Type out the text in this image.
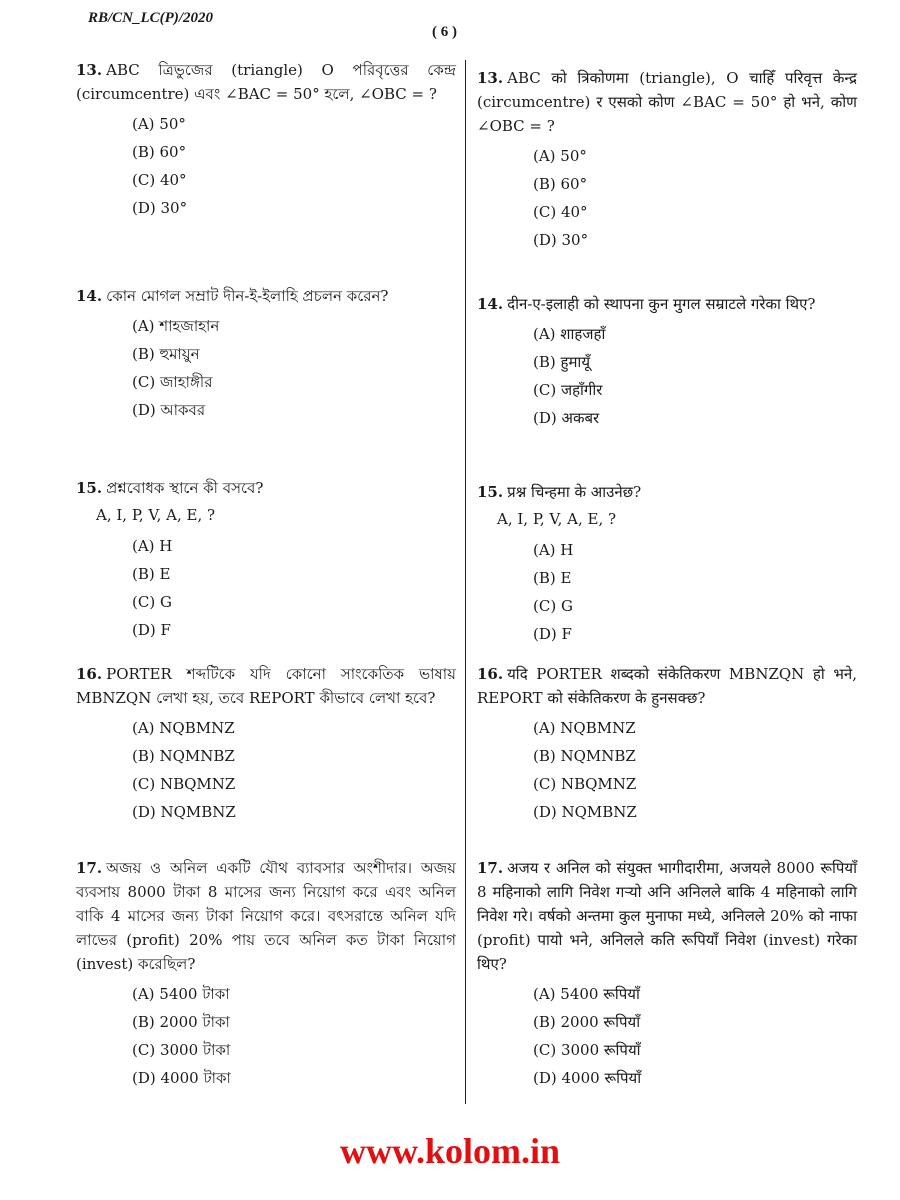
RB/CN_LC(P)/2020
( 6 )

13. ABC ত্রিভুজের (triangle) O পরিবৃত্তের কেন্দ্র (circumcentre) এবং ∠BAC = 50° হলে, ∠OBC = ?

(A) 50°
(B) 60°
(C) 40°
(D) 30°

14. কোন মোগল সম্রাট দীন-ই-ইলাহি প্রচলন করেন?

(A) শাহজাহান
(B) হুমায়ুন
(C) জাহাঙ্গীর
(D) আকবর

15. প্রশ্নবোধক স্থানে কী বসবে?

A, I, P, V, A, E, ?
(A) H
(B) E
(C) G
(D) F

16. PORTER শব্দটিকে যদি কোনো সাংকেতিক ভাষায় MBNZQN লেখা হয়, তবে REPORT কীভাবে লেখা হবে?

(A) NQBMNZ
(B) NQMNBZ
(C) NBQMNZ
(D) NQMBNZ

17. অজয় ও অনিল একটি যৌথ ব্যাবসার অংশীদার। অজয় ব্যবসায় 8000 টাকা 8 মাসের জন্য নিয়োগ করে এবং অনিল বাকি 4 মাসের জন্য টাকা নিয়োগ করে। বৎসরান্তে অনিল যদি লাভের (profit) 20% পায় তবে অনিল কত টাকা নিয়োগ (invest) করেছিল?

(A) 5400 টাকা
(B) 2000 টাকা
(C) 3000 টাকা
(D) 4000 টাকা

13. ABC को त्रिकोणमा (triangle), O चाहिँ परिवृत्त केन्द्र (circumcentre) र एसको कोण ∠BAC = 50° हो भने, कोण ∠OBC = ?

(A) 50°
(B) 60°
(C) 40°
(D) 30°

14. दीन-ए-इलाही को स्थापना कुन मुगल सम्राटले गरेका थिए?

(A) शाहजहाँ
(B) हुमायूँ
(C) जहाँगीर
(D) अकबर

15. प्रश्न चिन्हमा के आउनेछ?

A, I, P, V, A, E, ?
(A) H
(B) E
(C) G
(D) F

16. यदि PORTER शब्दको संकेतिकरण MBNZQN हो भने, REPORT को संकेतिकरण के हुनसक्छ?

(A) NQBMNZ
(B) NQMNBZ
(C) NBQMNZ
(D) NQMBNZ

17. अजय र अनिल को संयुक्त भागीदारीमा, अजयले 8000 रूपियाँ 8 महिनाको लागि निवेश गऱ्यो अनि अनिलले बाकि 4 महिनाको लागि निवेश गरे। वर्षको अन्तमा कुल मुनाफा मध्ये, अनिलले 20% को नाफा (profit) पायो भने, अनिलले कति रूपियाँ निवेश (invest) गरेका थिए?

(A) 5400 रूपियाँ
(B) 2000 रूपियाँ
(C) 3000 रूपियाँ
(D) 4000 रूपियाँ
www.kolom.in
